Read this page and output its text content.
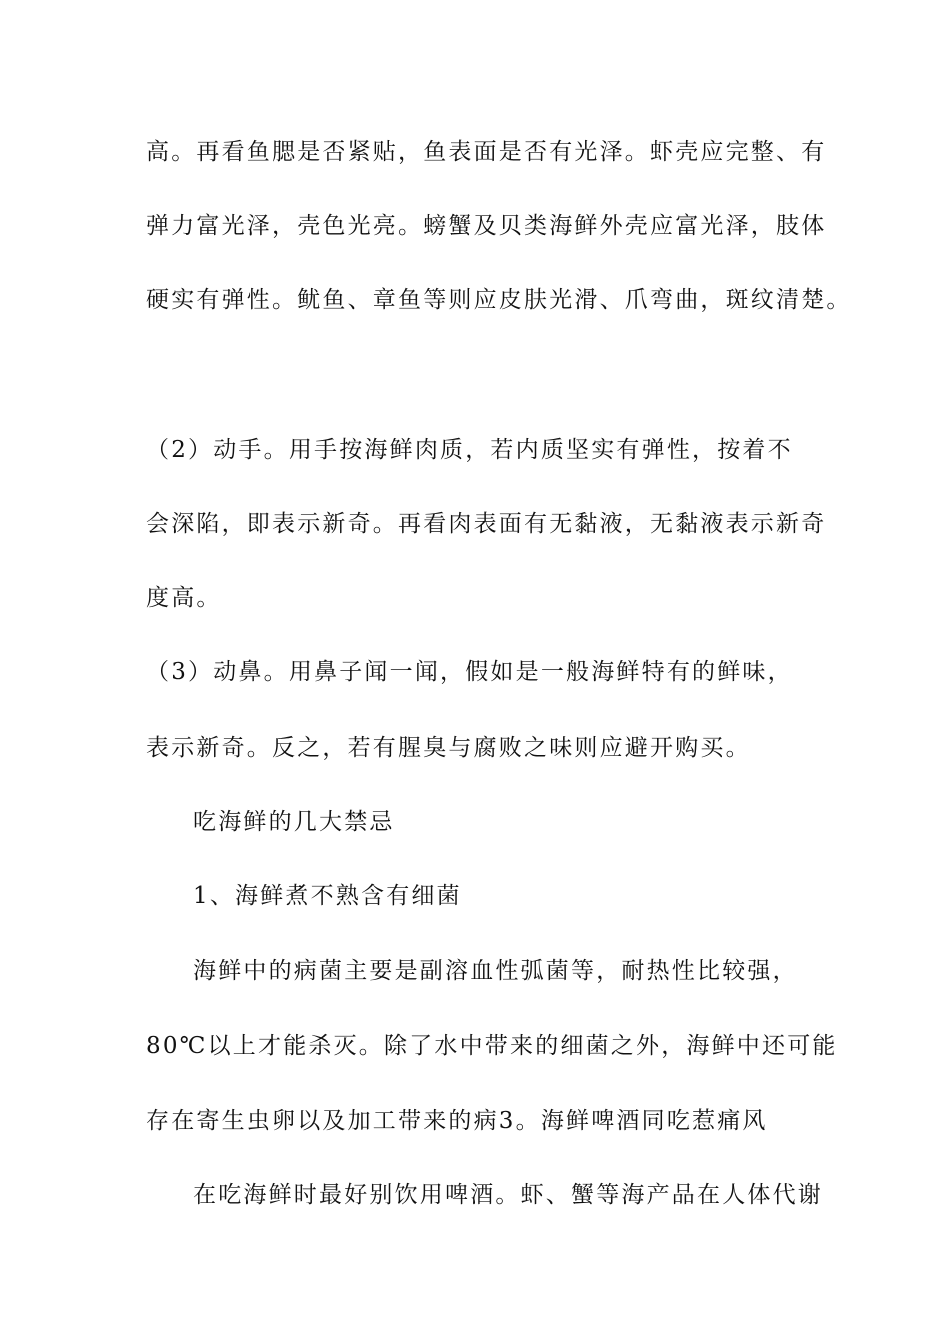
高。再看鱼腮是否紧贴，鱼表面是否有光泽。虾壳应完整、有
弹力富光泽，壳色光亮。螃蟹及贝类海鲜外壳应富光泽，肢体
硬实有弹性。鱿鱼、章鱼等则应皮肤光滑、爪弯曲，斑纹清楚。
（2）动手。用手按海鲜肉质，若内质坚实有弹性，按着不
会深陷，即表示新奇。再看肉表面有无黏液，无黏液表示新奇
度高。
（3）动鼻。用鼻子闻一闻，假如是一般海鲜特有的鲜味，
表示新奇。反之，若有腥臭与腐败之味则应避开购买。
吃海鲜的几大禁忌
1、海鲜煮不熟含有细菌
海鲜中的病菌主要是副溶血性弧菌等，耐热性比较强，
80℃以上才能杀灭。除了水中带来的细菌之外，海鲜中还可能
存在寄生虫卵以及加工带来的病3。海鲜啤酒同吃惹痛风
在吃海鲜时最好别饮用啤酒。虾、蟹等海产品在人体代谢
